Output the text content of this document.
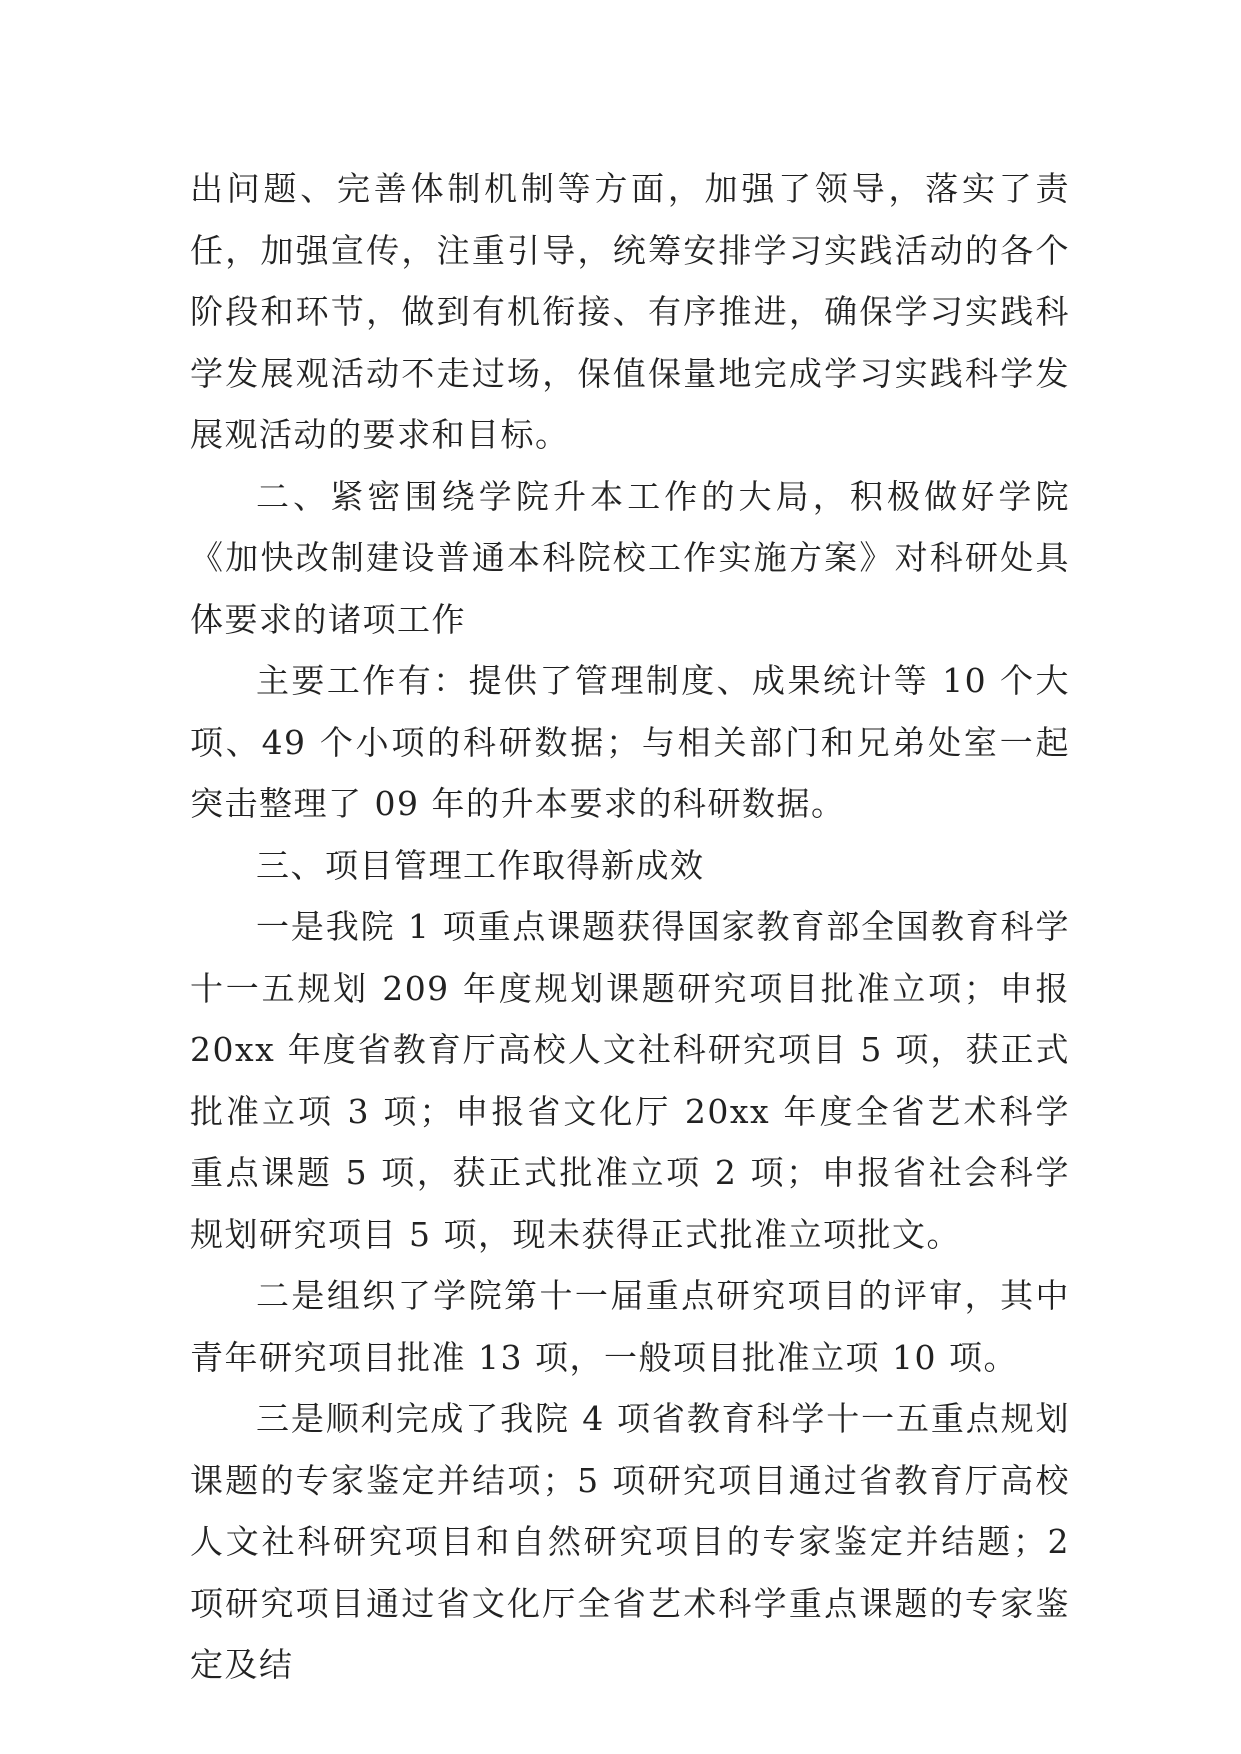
出问题、完善体制机制等方面，加强了领导，落实了责任，加强宣传，注重引导，统筹安排学习实践活动的各个阶段和环节，做到有机衔接、有序推进，确保学习实践科学发展观活动不走过场，保值保量地完成学习实践科学发展观活动的要求和目标。

二、紧密围绕学院升本工作的大局，积极做好学院《加快改制建设普通本科院校工作实施方案》对科研处具体要求的诸项工作

主要工作有：提供了管理制度、成果统计等 10 个大项、49 个小项的科研数据；与相关部门和兄弟处室一起突击整理了 09 年的升本要求的科研数据。

三、项目管理工作取得新成效

一是我院 1 项重点课题获得国家教育部全国教育科学十一五规划 209 年度规划课题研究项目批准立项；申报 20xx 年度省教育厅高校人文社科研究项目 5 项，获正式批准立项 3 项；申报省文化厅 20xx 年度全省艺术科学重点课题 5 项，获正式批准立项 2 项；申报省社会科学规划研究项目 5 项，现未获得正式批准立项批文。

二是组织了学院第十一届重点研究项目的评审，其中青年研究项目批准 13 项，一般项目批准立项 10 项。

三是顺利完成了我院 4 项省教育科学十一五重点规划课题的专家鉴定并结项；5 项研究项目通过省教育厅高校人文社科研究项目和自然研究项目的专家鉴定并结题；2 项研究项目通过省文化厅全省艺术科学重点课题的专家鉴定及结
